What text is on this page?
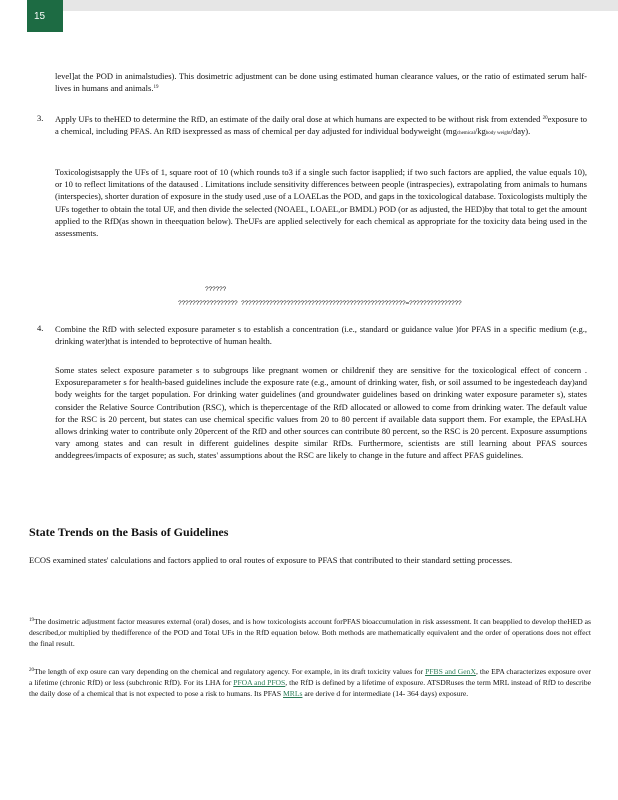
15

level]at the POD in animalstudies). This dosimetric adjustment can be done using estimated human clearance values, or the ratio of estimated serum half-lives in humans and animals.$^{19}$

3. Apply UFs to theHED to determine the RfD, an estimate of the daily oral dose at which humans are expected to be without risk from extended $^{20}$exposure to a chemical, including PFAS. An RfD isexpressed as mass of chemical per day adjusted for individual bodyweight (mgchemical/kgbody weight/day).

Toxicologistsapply the UFs of 1, square root of 10 (which rounds to3 if a single such factor isapplied; if two such factors are applied, the value equals 10), or 10 to reflect limitations of the dataused . Limitations include sensitivity differences between people (intraspecies), extrapolating from animals to humans (interspecies), shorter duration of exposure in the study used ,use of a LOAELas the POD, and gaps in the toxicological database. Toxicologists multiply the UFs together to obtain the total UF, and then divide the selected (NOAEL, LOAEL,or BMDL) POD (or as adjusted, the HED)by that total to get the amount applied to the RfD(as shown in theequation below). TheUFs are applied selectively for each chemical as appropriate for the toxicity data being used in the assessments.

??????
????????????????? ???????????????????????????????????????????????=???????????????
4. Combine the RfD with selected exposure parameter s to establish a concentration (i.e., standard or guidance value )for PFAS in a specific medium (e.g., drinking water)that is intended to beprotective of human health.

Some states select exposure parameter s to subgroups like pregnant women or childrenif they are sensitive for the toxicological effect of concern . Exposureparameter s for health-based guidelines include the exposure rate (e.g., amount of drinking water, fish, or soil assumed to be ingestedeach day)and body weights for the target population. For drinking water guidelines (and groundwater guidelines based on drinking water exposure parameter s), states consider the Relative Source Contribution (RSC), which is thepercentage of the RfD allocated or allowed to come from drinking water. The default value for the RSC is 20 percent, but states can use chemical specific values from 20 to 80 percent if available data support them. For example, the EPAsLHA allows drinking water to contribute only 20percent of the RfD and other sources can contribute 80 percent, so the RSC is 20 percent. Exposure assumptions vary among states and can result in different guidelines despite similar RfDs. Furthermore, scientists are still learning about PFAS sources anddegrees/impacts of exposure; as such, states' assumptions about the RSC are likely to change in the future and affect PFAS guidelines.

State Trends on the Basis of Guidelines

ECOS examined states' calculations and factors applied to oral routes of exposure to PFAS that contributed to their standard setting processes.

$^{19}$The dosimetric adjustment factor measures external (oral) doses, and is how toxicologists account forPFAS bioaccumulation in risk assessment. It can beapplied to develop theHED as described,or multiplied by thedifference of the POD and Total UFs in the RfD equation below. Both methods are mathematically equivalent and the order of operations does not effect the final result.

$^{20}$The length of exp osure can vary depending on the chemical and regulatory agency. For example, in its draft toxicity values for PFBS and GenX, the EPA characterizes exposure over a lifetime (chronic RfD) or less (subchronic RfD). For its LHA for PFOA and PFOS, the RfD is defined by a lifetime of exposure. ATSDRuses the term MRL instead of RfD to describe the daily dose of a chemical that is not expected to pose a risk to humans. Its PFAS MRLs are derive d for intermediate (14- 364 days) exposure.
